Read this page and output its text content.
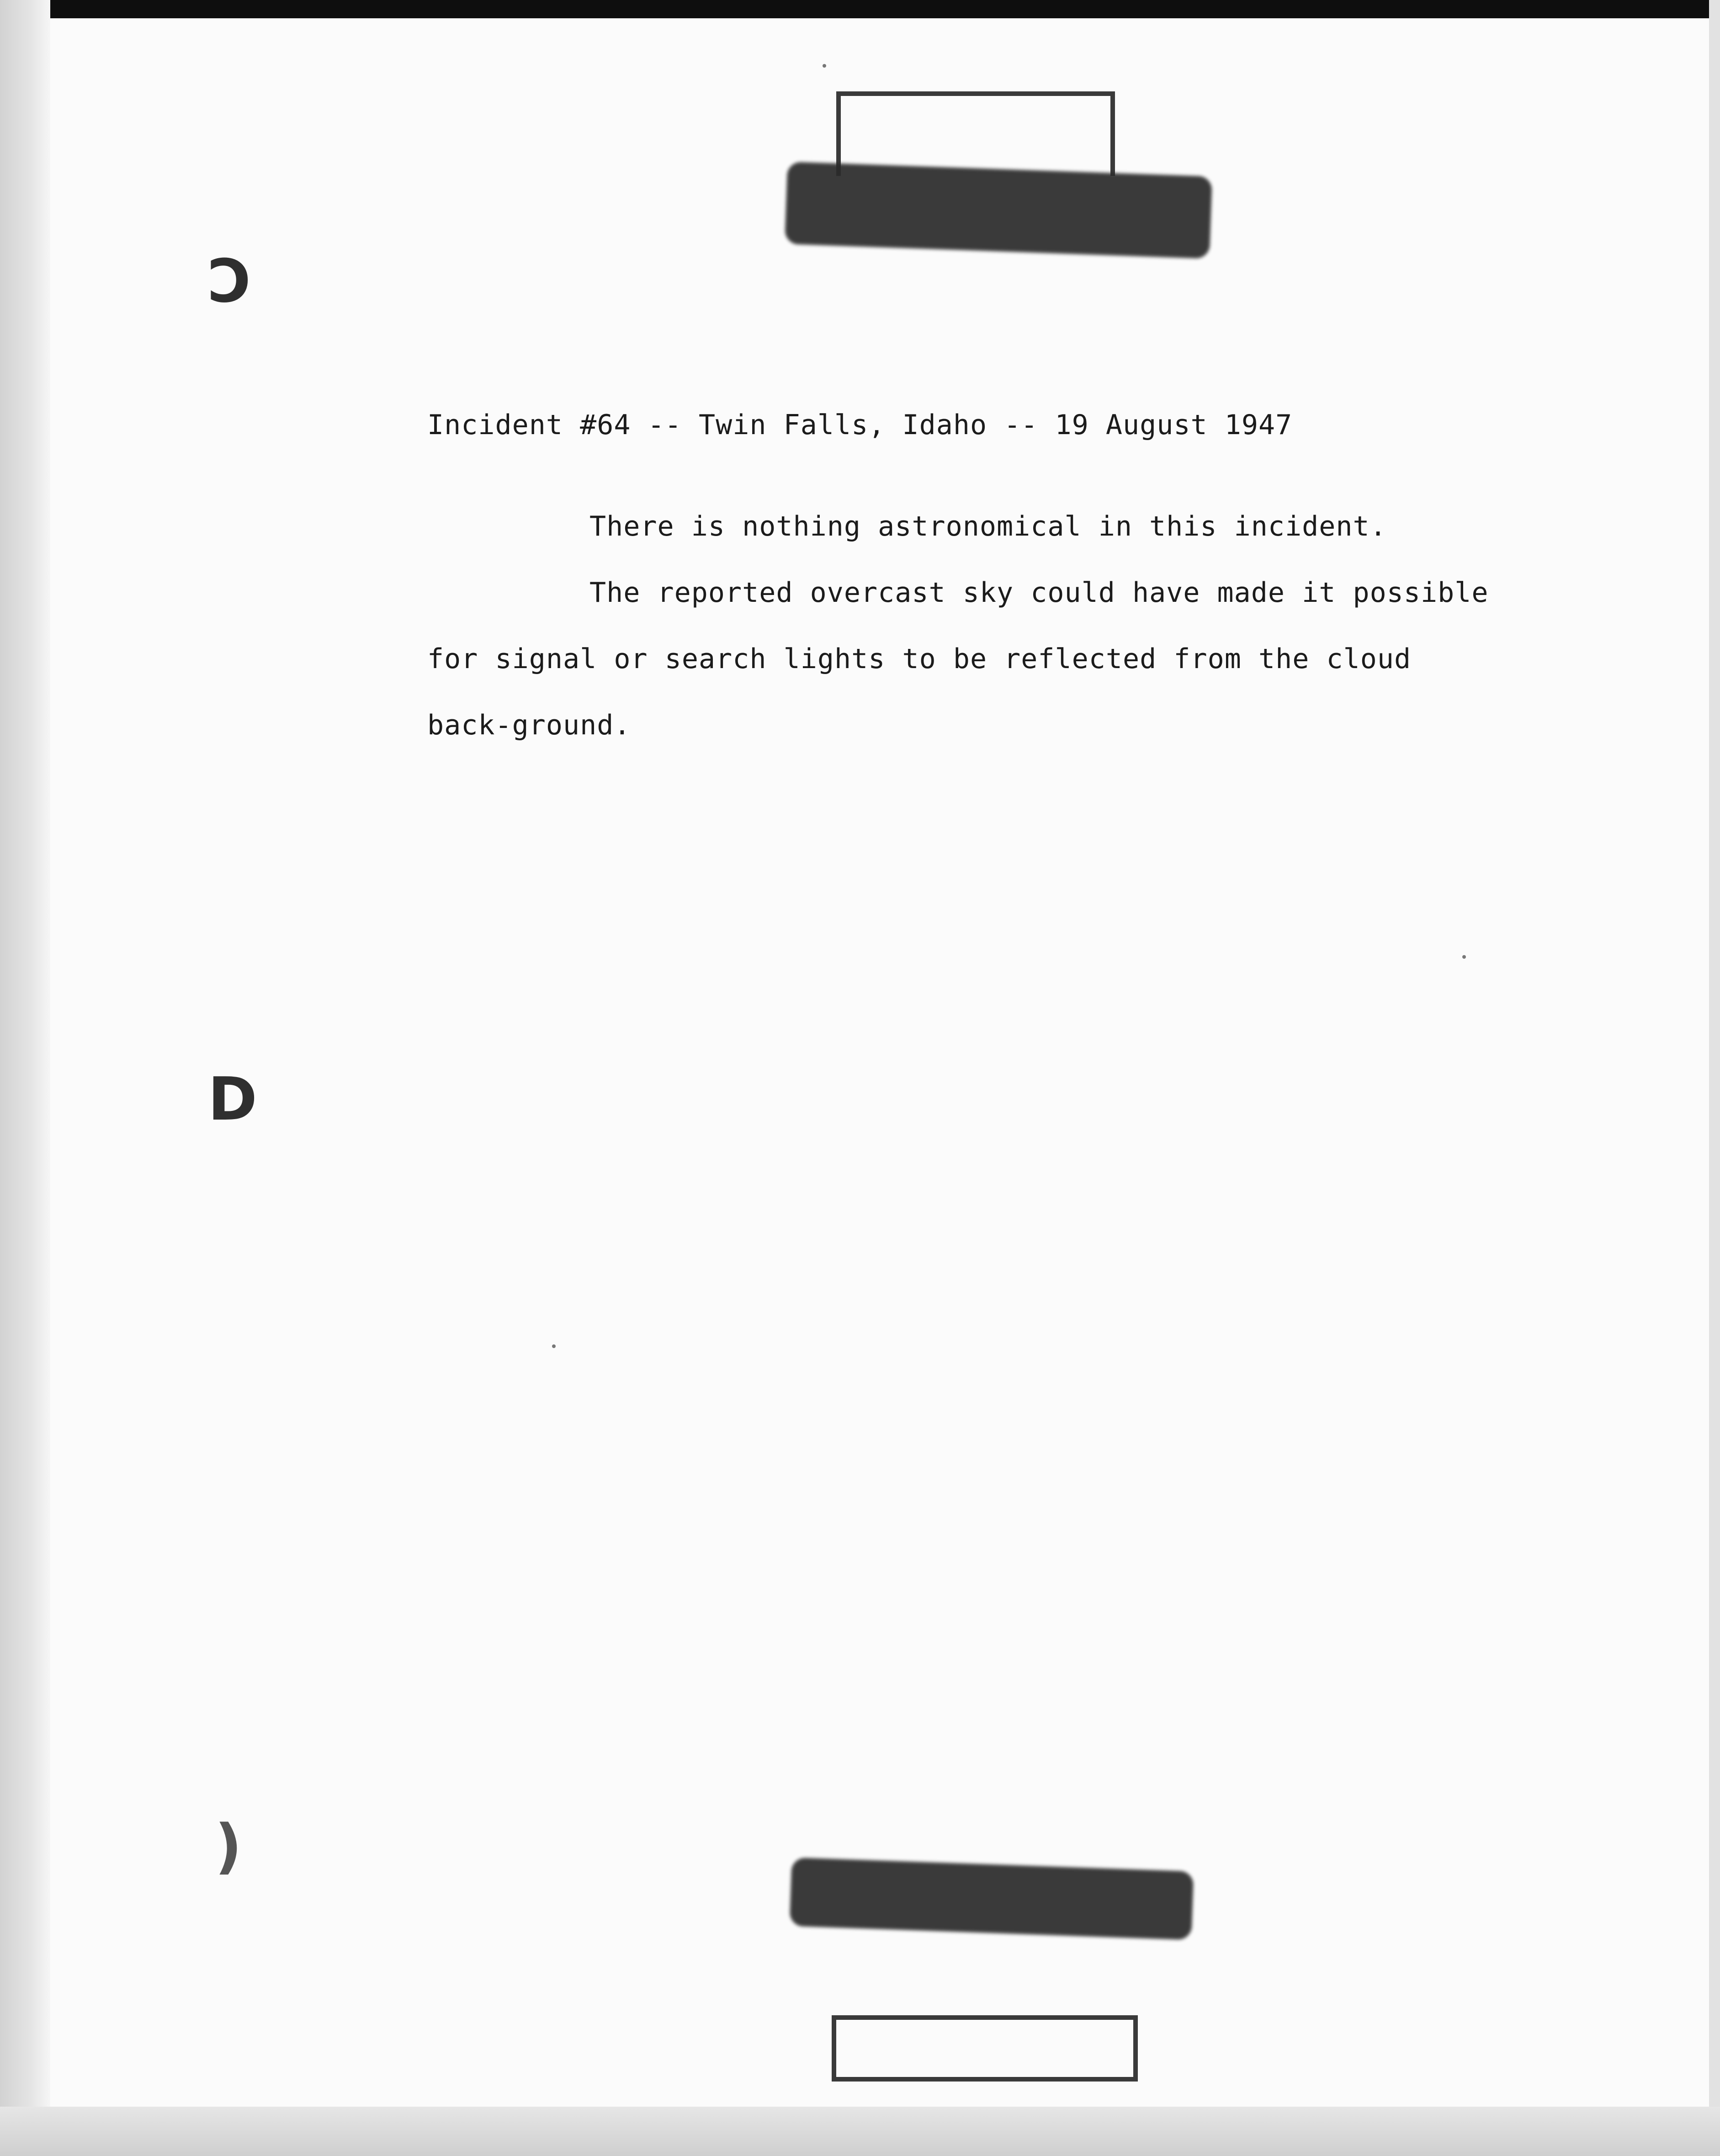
Ↄ
D
)

Incident #64 -- Twin Falls, Idaho -- 19 August 1947

There is nothing astronomical in this incident.

The reported overcast sky could have made it possible for signal or search lights to be reflected from the cloud back-ground.
